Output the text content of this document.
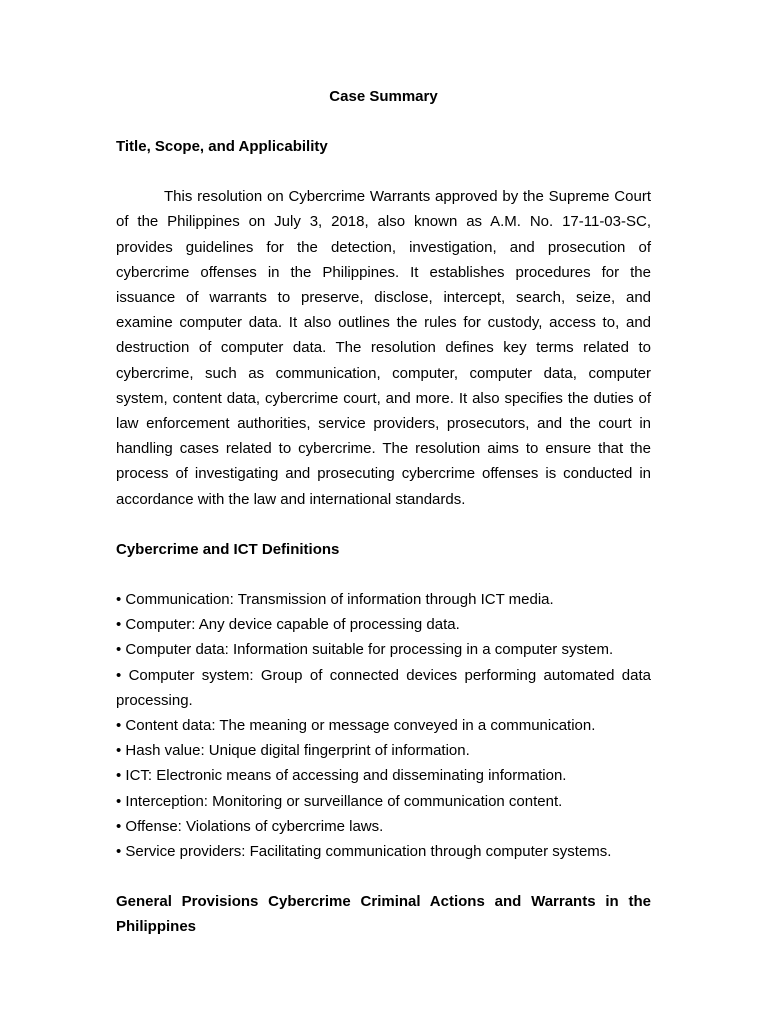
Case Summary

Title, Scope, and Applicability

This resolution on Cybercrime Warrants approved by the Supreme Court of the Philippines on July 3, 2018, also known as A.M. No. 17-11-03-SC, provides guidelines for the detection, investigation, and prosecution of cybercrime offenses in the Philippines. It establishes procedures for the issuance of warrants to preserve, disclose, intercept, search, seize, and examine computer data. It also outlines the rules for custody, access to, and destruction of computer data. The resolution defines key terms related to cybercrime, such as communication, computer, computer data, computer system, content data, cybercrime court, and more. It also specifies the duties of law enforcement authorities, service providers, prosecutors, and the court in handling cases related to cybercrime. The resolution aims to ensure that the process of investigating and prosecuting cybercrime offenses is conducted in accordance with the law and international standards.

Cybercrime and ICT Definitions

• Communication: Transmission of information through ICT media.
• Computer: Any device capable of processing data.
• Computer data: Information suitable for processing in a computer system.
• Computer system: Group of connected devices performing automated data processing.
• Content data: The meaning or message conveyed in a communication.
• Hash value: Unique digital fingerprint of information.
• ICT: Electronic means of accessing and disseminating information.
• Interception: Monitoring or surveillance of communication content.
• Offense: Violations of cybercrime laws.
• Service providers: Facilitating communication through computer systems.

General Provisions Cybercrime Criminal Actions and Warrants in the Philippines
